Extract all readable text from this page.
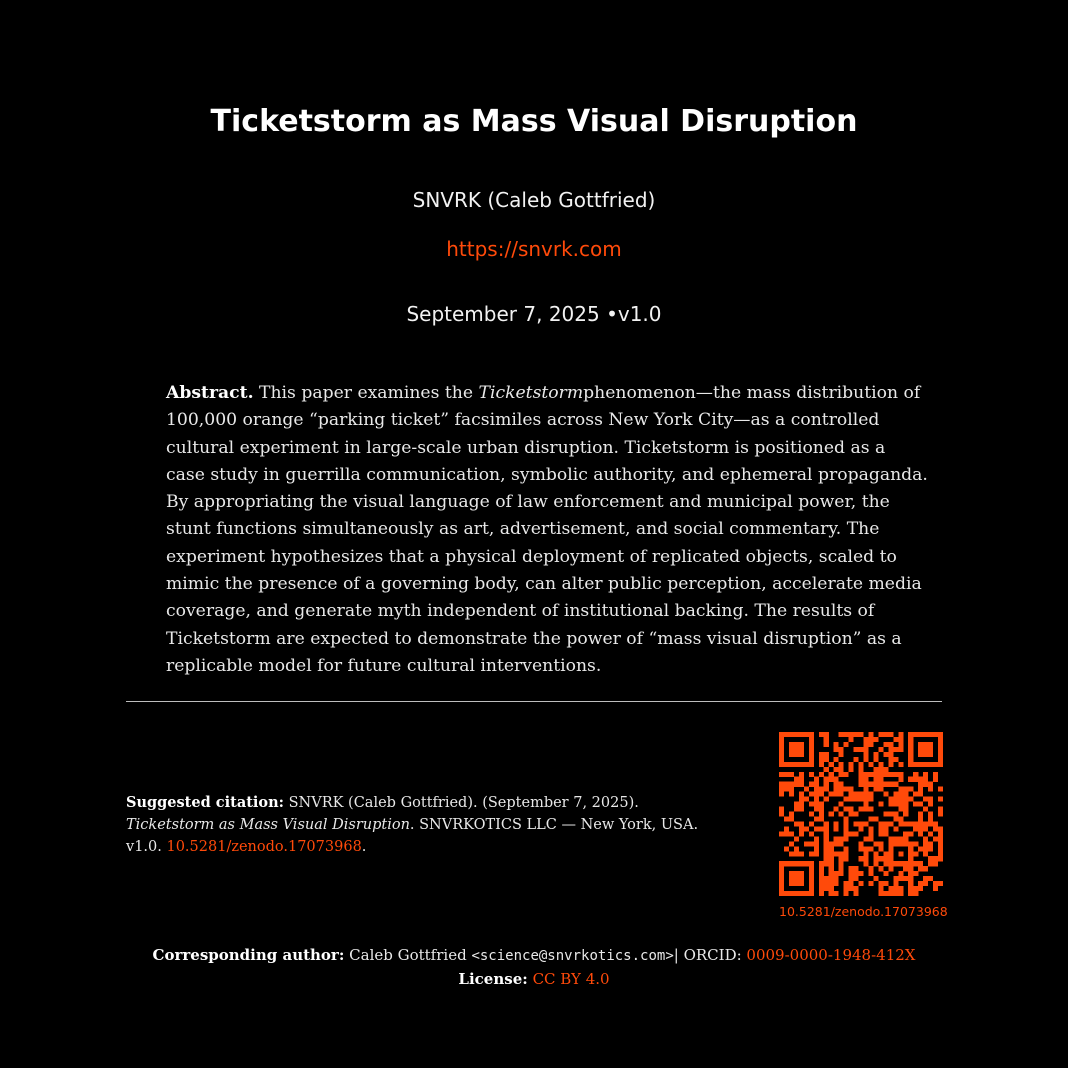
Ticketstorm as Mass Visual Disruption
SNVRK (Caleb Gottfried)
https://snvrk.com
September 7, 2025 •v1.0

Abstract. This paper examines the Ticketstormphenomenon—the mass distribution of 100,000 orange “parking ticket” facsimiles across New York City—as a controlled cultural experiment in large-scale urban disruption. Ticketstorm is positioned as a case study in guerrilla communication, symbolic authority, and ephemeral propaganda. By appropriating the visual language of law enforcement and municipal power, the stunt functions simultaneously as art, advertisement, and social commentary. The experiment hypothesizes that a physical deployment of replicated objects, scaled to mimic the presence of a governing body, can alter public perception, accelerate media coverage, and generate myth independent of institutional backing. The results of Ticketstorm are expected to demonstrate the power of “mass visual disruption” as a replicable model for future cultural interventions.

Suggested citation: SNVRK (Caleb Gottfried). (September 7, 2025). Ticketstorm as Mass Visual Disruption. SNVRKOTICS LLC — New York, USA. v1.0. 10.5281/zenodo.17073968.
10.5281/zenodo.17073968
Corresponding author: Caleb Gottfried <science@snvrkotics.com>| ORCID: 0009-0000-1948-412X
License: CC BY 4.0
